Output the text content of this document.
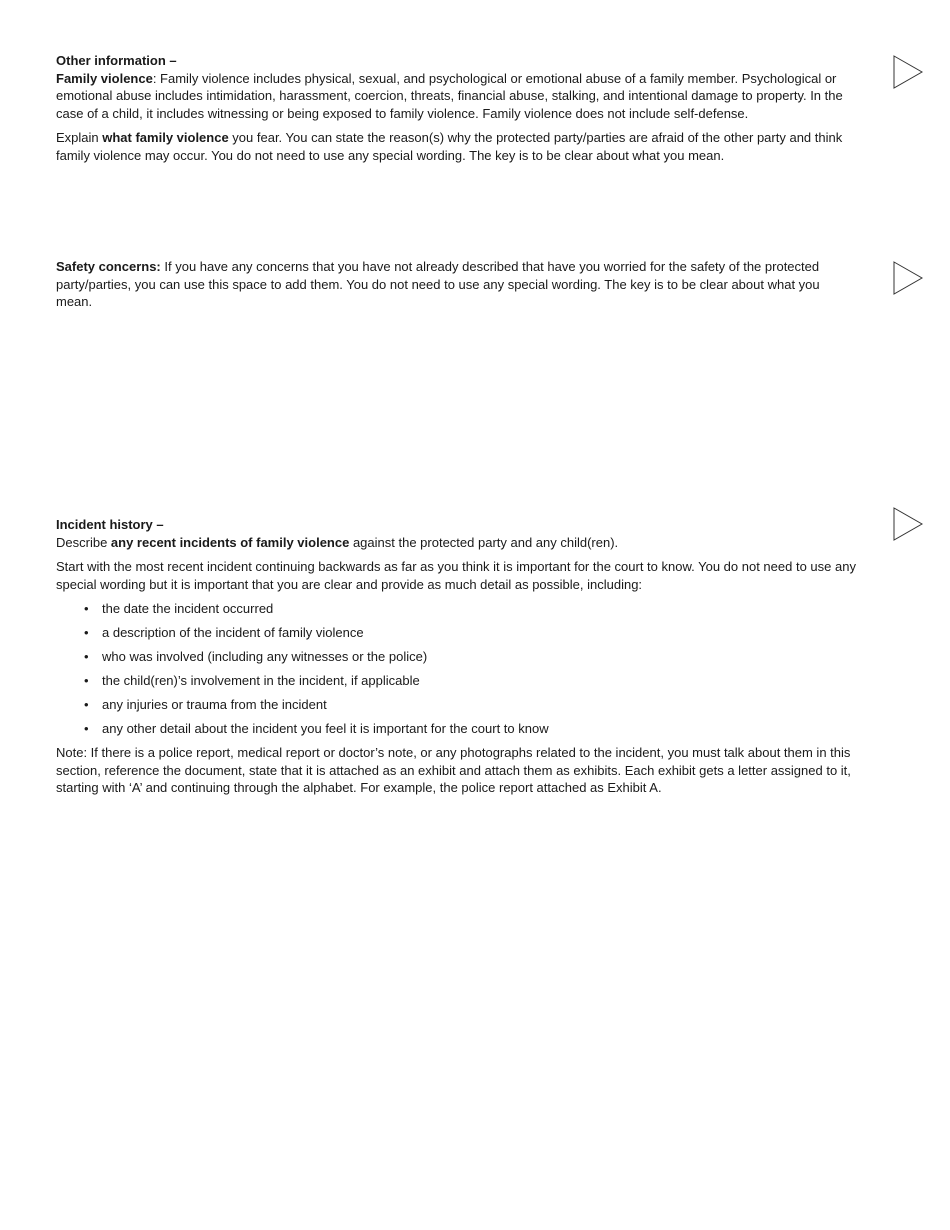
Other information –

Family violence: Family violence includes physical, sexual, and psychological or emotional abuse of a family member. Psychological or emotional abuse includes intimidation, harassment, coercion, threats, financial abuse, stalking, and intentional damage to property. In the case of a child, it includes witnessing or being exposed to family violence. Family violence does not include self-defense.

Explain what family violence you fear. You can state the reason(s) why the protected party/parties are afraid of the other party and think family violence may occur. You do not need to use any special wording. The key is to be clear about what you mean.

Safety concerns: If you have any concerns that you have not already described that have you worried for the safety of the protected party/parties, you can use this space to add them. You do not need to use any special wording. The key is to be clear about what you mean.

Incident history –

Describe any recent incidents of family violence against the protected party and any child(ren).

Start with the most recent incident continuing backwards as far as you think it is important for the court to know. You do not need to use any special wording but it is important that you are clear and provide as much detail as possible, including:

• the date the incident occurred
• a description of the incident of family violence
• who was involved (including any witnesses or the police)
• the child(ren)’s involvement in the incident, if applicable
• any injuries or trauma from the incident
• any other detail about the incident you feel it is important for the court to know

Note: If there is a police report, medical report or doctor’s note, or any photographs related to the incident, you must talk about them in this section, reference the document, state that it is attached as an exhibit and attach them as exhibits. Each exhibit gets a letter assigned to it, starting with ‘A’ and continuing through the alphabet. For example, the police report attached as Exhibit A.
